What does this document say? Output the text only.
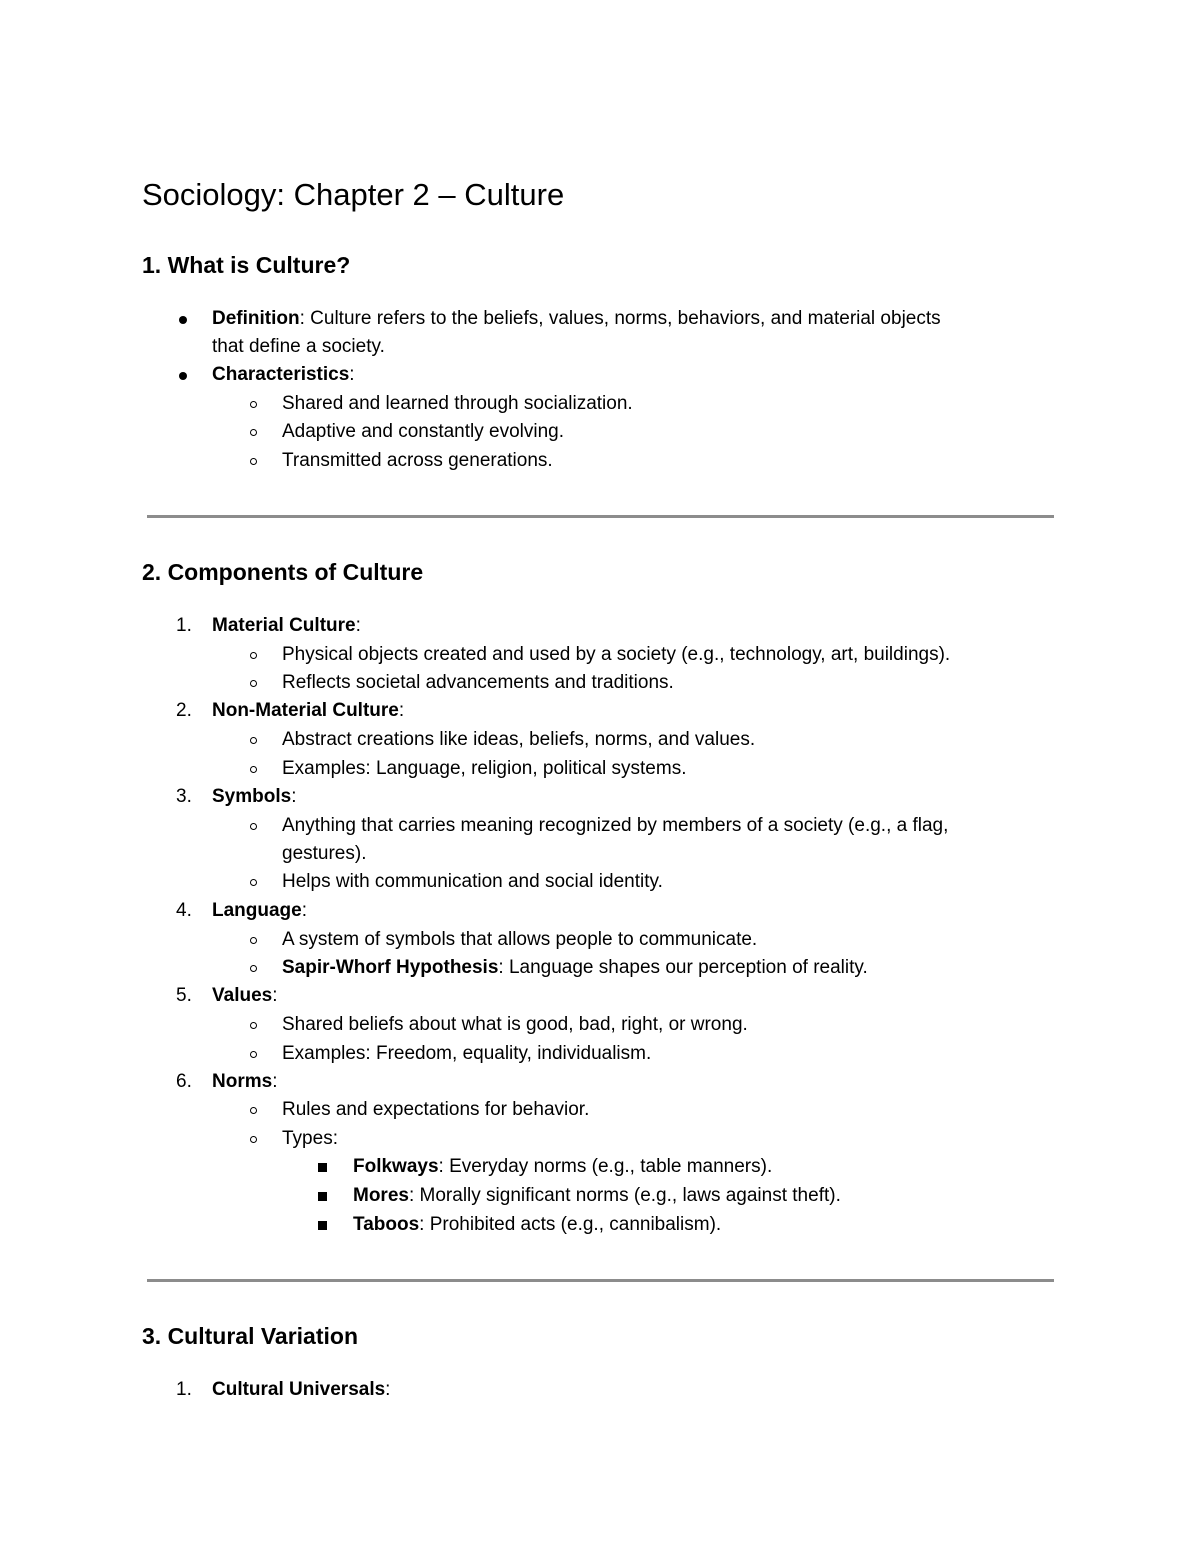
Sociology: Chapter 2 – Culture
1. What is Culture?
Definition: Culture refers to the beliefs, values, norms, behaviors, and material objects
that define a society.
Characteristics:
Shared and learned through socialization.
Adaptive and constantly evolving.
Transmitted across generations.
2. Components of Culture
1. Material Culture:
Physical objects created and used by a society (e.g., technology, art, buildings).
Reflects societal advancements and traditions.
2. Non-Material Culture:
Abstract creations like ideas, beliefs, norms, and values.
Examples: Language, religion, political systems.
3. Symbols:
Anything that carries meaning recognized by members of a society (e.g., a flag,
gestures).
Helps with communication and social identity.
4. Language:
A system of symbols that allows people to communicate.
Sapir-Whorf Hypothesis: Language shapes our perception of reality.
5. Values:
Shared beliefs about what is good, bad, right, or wrong.
Examples: Freedom, equality, individualism.
6. Norms:
Rules and expectations for behavior.
Types:
Folkways: Everyday norms (e.g., table manners).
Mores: Morally significant norms (e.g., laws against theft).
Taboos: Prohibited acts (e.g., cannibalism).
3. Cultural Variation
1. Cultural Universals:
